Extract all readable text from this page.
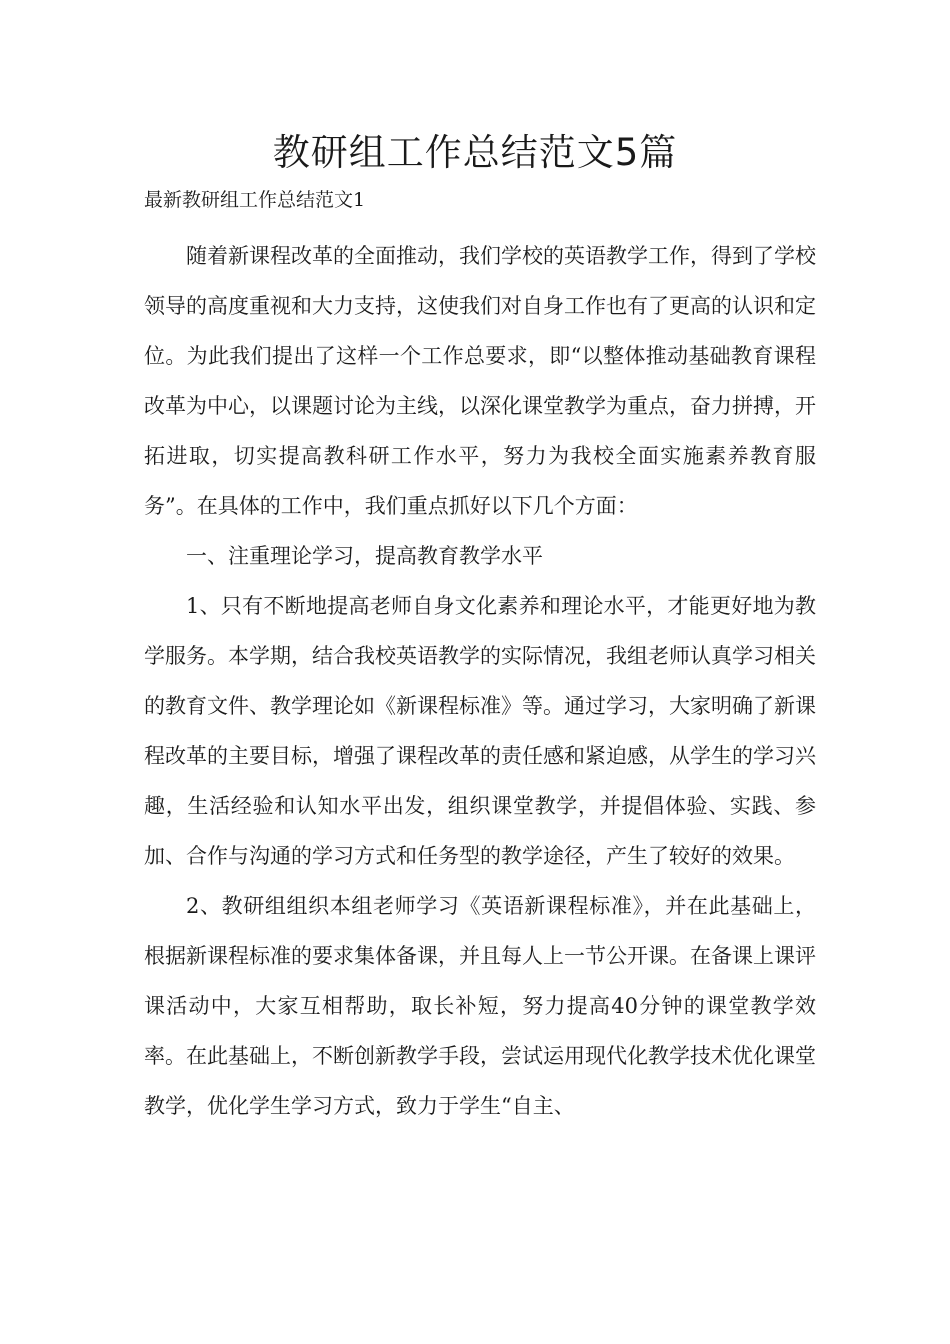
教研组工作总结范文5篇

最新教研组工作总结范文1

随着新课程改革的全面推动，我们学校的英语教学工作，得到了学校领导的高度重视和大力支持，这使我们对自身工作也有了更高的认识和定位。为此我们提出了这样一个工作总要求，即“以整体推动基础教育课程改革为中心，以课题讨论为主线，以深化课堂教学为重点，奋力拼搏，开拓进取，切实提高教科研工作水平，努力为我校全面实施素养教育服务”。在具体的工作中，我们重点抓好以下几个方面：

一、注重理论学习，提高教育教学水平

1、只有不断地提高老师自身文化素养和理论水平，才能更好地为教学服务。本学期，结合我校英语教学的实际情况，我组老师认真学习相关的教育文件、教学理论如《新课程标准》等。通过学习，大家明确了新课程改革的主要目标，增强了课程改革的责任感和紧迫感，从学生的学习兴趣，生活经验和认知水平出发，组织课堂教学，并提倡体验、实践、参加、合作与沟通的学习方式和任务型的教学途径，产生了较好的效果。

2、教研组组织本组老师学习《英语新课程标准》，并在此基础上，根据新课程标准的要求集体备课，并且每人上一节公开课。在备课上课评课活动中，大家互相帮助，取长补短，努力提高40分钟的课堂教学效率。在此基础上，不断创新教学手段，尝试运用现代化教学技术优化课堂教学，优化学生学习方式，致力于学生“自主、
